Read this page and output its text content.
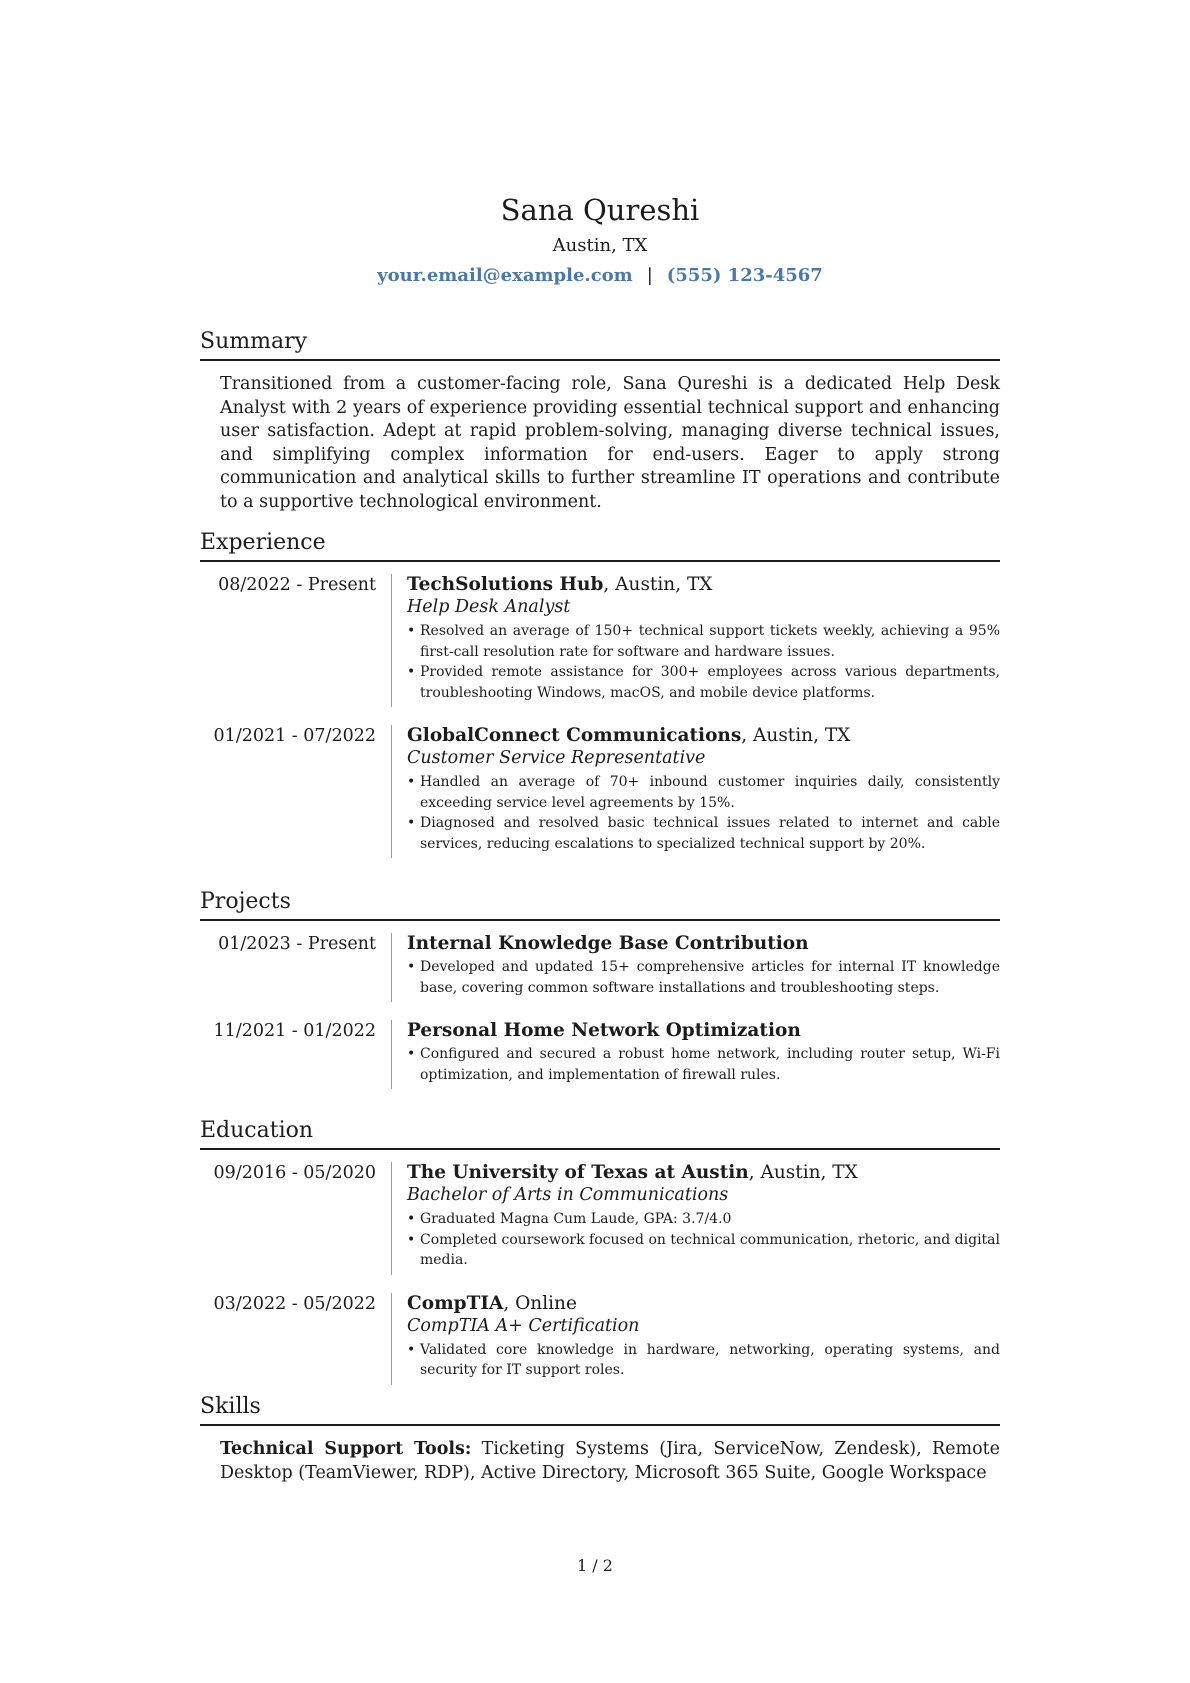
Sana Qureshi
Austin, TX
your.email@example.com | (555) 123-4567
Summary
Transitioned from a customer-facing role, Sana Qureshi is a dedicated Help Desk Analyst with 2 years of experience providing essential technical support and enhancing user satisfaction. Adept at rapid problem-solving, managing diverse technical issues, and simplifying complex information for end-users. Eager to apply strong communication and analytical skills to further streamline IT operations and contribute to a supportive technological environment.
Experience
08/2022 - Present	TechSolutions Hub, Austin, TX
Help Desk Analyst
• Resolved an average of 150+ technical support tickets weekly, achieving a 95% first-call resolution rate for software and hardware issues.
• Provided remote assistance for 300+ employees across various departments, troubleshooting Windows, macOS, and mobile device platforms.
01/2021 - 07/2022	GlobalConnect Communications, Austin, TX
Customer Service Representative
• Handled an average of 70+ inbound customer inquiries daily, consistently exceeding service level agreements by 15%.
• Diagnosed and resolved basic technical issues related to internet and cable services, reducing escalations to specialized technical support by 20%.
Projects
01/2023 - Present	Internal Knowledge Base Contribution
• Developed and updated 15+ comprehensive articles for internal IT knowledge base, covering common software installations and troubleshooting steps.
11/2021 - 01/2022	Personal Home Network Optimization
• Configured and secured a robust home network, including router setup, Wi-Fi optimization, and implementation of firewall rules.
Education
09/2016 - 05/2020	The University of Texas at Austin, Austin, TX
Bachelor of Arts in Communications
• Graduated Magna Cum Laude, GPA: 3.7/4.0
• Completed coursework focused on technical communication, rhetoric, and digital media.
03/2022 - 05/2022	CompTIA, Online
CompTIA A+ Certification
• Validated core knowledge in hardware, networking, operating systems, and security for IT support roles.
Skills
Technical Support Tools: Ticketing Systems (Jira, ServiceNow, Zendesk), Remote Desktop (TeamViewer, RDP), Active Directory, Microsoft 365 Suite, Google Workspace
1 / 2
